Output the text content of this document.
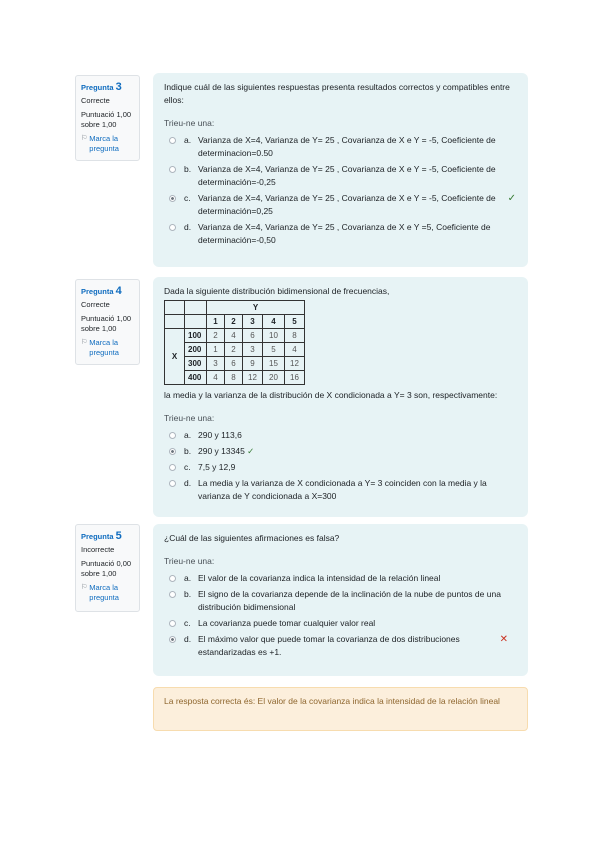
Pregunta 3
Correcte
Puntuació 1,00 sobre 1,00
⚐ Marca la pregunta
Indique cuál de las siguientes respuestas presenta resultados correctos y compatibles entre ellos:
Trieu-ne una:
a. Varianza de X=4, Varianza de Y= 25 , Covarianza de X e Y = -5, Coeficiente de determinacion=0.50
b. Varianza de X=4, Varianza de Y= 25 , Covarianza de X e Y = -5, Coeficiente de determinación=-0,25
c. Varianza de X=4, Varianza de Y= 25 , Covarianza de X e Y = -5, Coeficiente de determinación=0,25
✓
d. Varianza de X=4, Varianza de Y= 25 , Covarianza de X e Y =5, Coeficiente de determinación=-0,50
Pregunta 4
Correcte
Puntuació 1,00 sobre 1,00
⚐ Marca la pregunta
Dada la siguiente distribución bidimensional de frecuencias,
		Y				
		1	2	3	4	5
X	100	2	4	6	10	8
	200	1	2	3	5	4
	300	3	6	9	15	12
	400	4	8	12	20	16
la media y la varianza de la distribución de X condicionada a Y= 3 son, respectivamente:
Trieu-ne una:
a. 290 y 113,6
b. 290 y 13345 ✓
c. 7,5 y 12,9
d. La media y la varianza de X condicionada a Y= 3 coinciden con la media y la varianza de Y condicionada a X=300
Pregunta 5
Incorrecte
Puntuació 0,00 sobre 1,00
⚐ Marca la pregunta
¿Cuál de las siguientes afirmaciones es falsa?
Trieu-ne una:
a. El valor de la covarianza indica la intensidad de la relación lineal
b. El signo de la covarianza depende de la inclinación de la nube de puntos de una distribución bidimensional
c. La covarianza puede tomar cualquier valor real
d. El máximo valor que puede tomar la covarianza de dos distribuciones estandarizadas es +1.
✕
La resposta correcta és: El valor de la covarianza indica la intensidad de la relación lineal
